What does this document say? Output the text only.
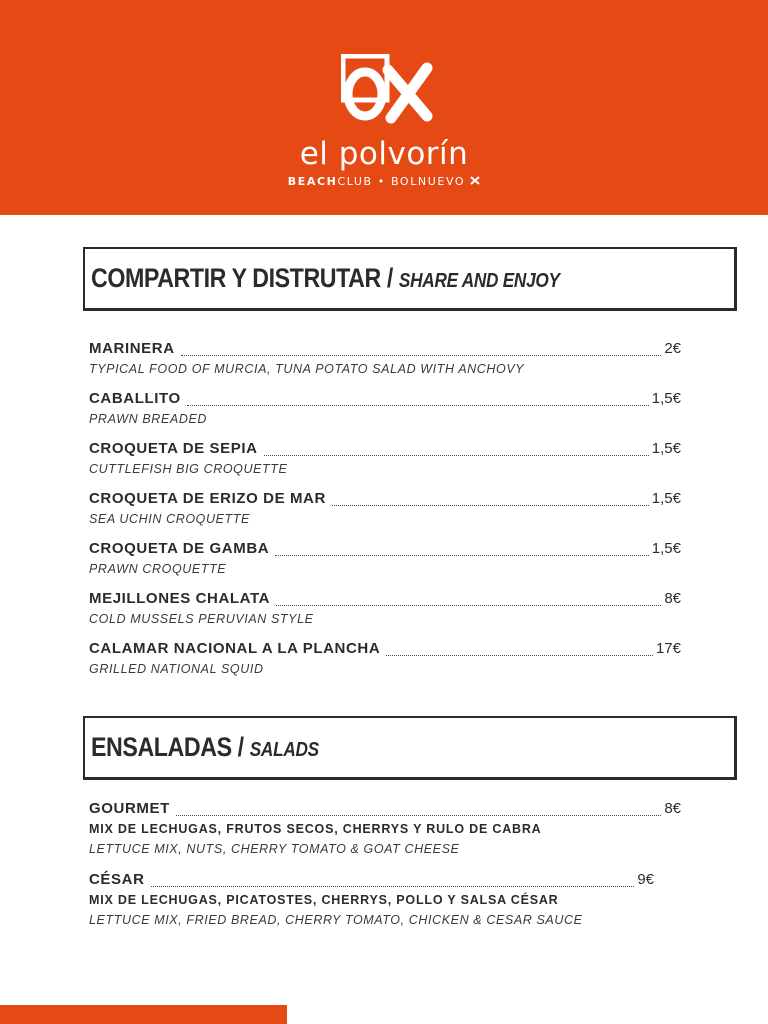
el polvorín
BEACHCLUB • BOLNUEVO
COMPARTIR Y DISTRUTAR / SHARE AND ENJOY
MARINERA	2€
TYPICAL FOOD OF MURCIA, TUNA POTATO SALAD WITH ANCHOVY
CABALLITO	1,5€
PRAWN BREADED
CROQUETA DE SEPIA	1,5€
CUTTLEFISH BIG CROQUETTE
CROQUETA DE ERIZO DE MAR	1,5€
SEA UCHIN CROQUETTE
CROQUETA DE GAMBA	1,5€
PRAWN CROQUETTE
MEJILLONES CHALATA	8€
COLD MUSSELS PERUVIAN STYLE
CALAMAR NACIONAL A LA PLANCHA	17€
GRILLED NATIONAL SQUID
ENSALADAS / SALADS
GOURMET	8€
MIX DE LECHUGAS, FRUTOS SECOS, CHERRYS Y RULO DE CABRA
LETTUCE MIX, NUTS, CHERRY TOMATO & GOAT CHEESE
CÉSAR	9€
MIX DE LECHUGAS, PICATOSTES, CHERRYS, POLLO Y SALSA CÉSAR
LETTUCE MIX, FRIED BREAD, CHERRY TOMATO, CHICKEN & CESAR SAUCE
